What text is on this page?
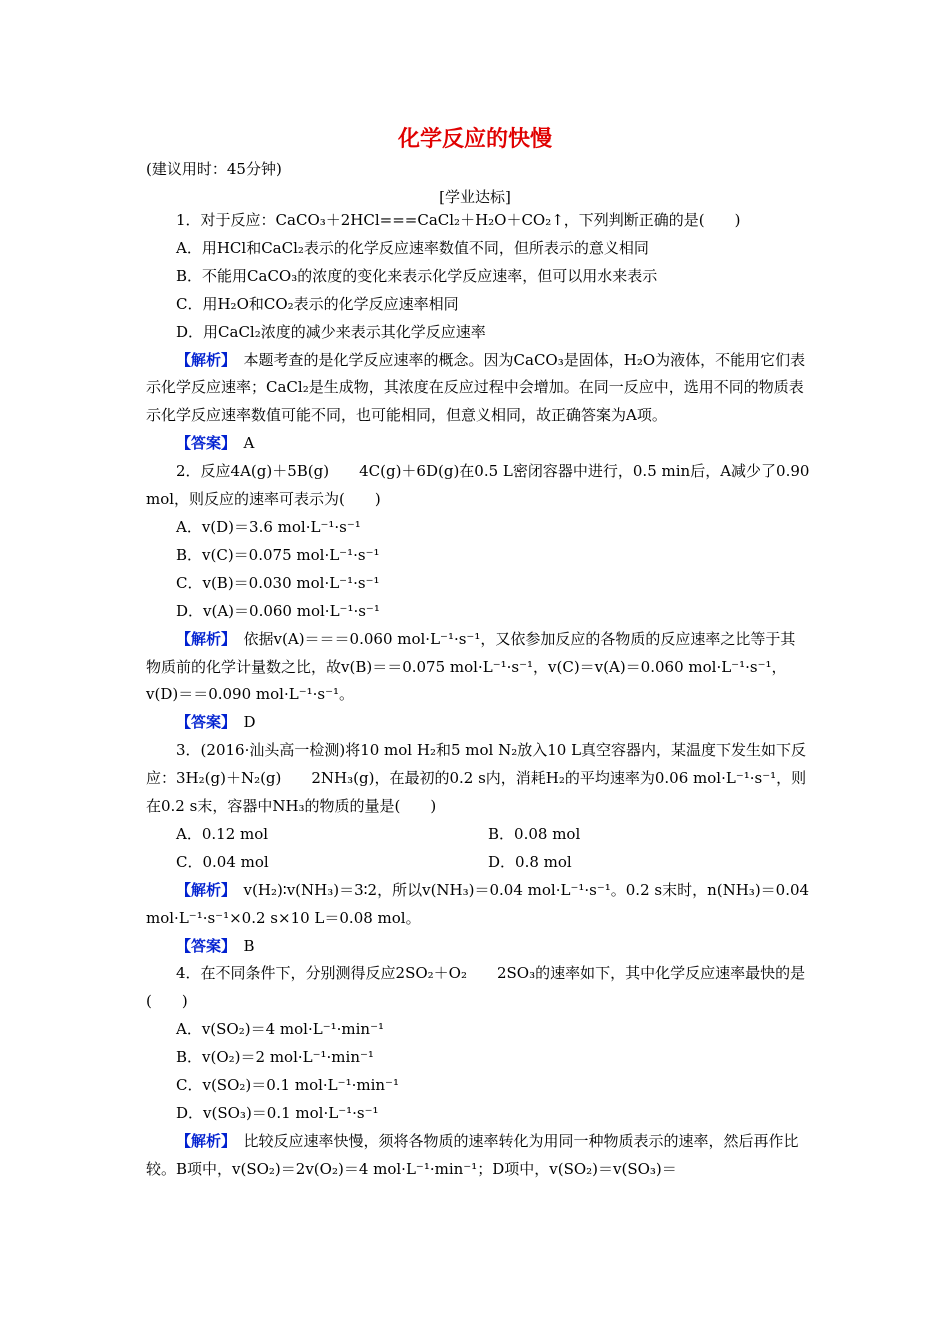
化学反应的快慢
(建议用时：45分钟)
[学业达标]

1．对于反应：CaCO₃＋2HCl===CaCl₂＋H₂O＋CO₂↑，下列判断正确的是(　　)

A．用HCl和CaCl₂表示的化学反应速率数值不同，但所表示的意义相同

B．不能用CaCO₃的浓度的变化来表示化学反应速率，但可以用水来表示

C．用H₂O和CO₂表示的化学反应速率相同

D．用CaCl₂浓度的减少来表示其化学反应速率

【解析】　 本题考查的是化学反应速率的概念。因为CaCO₃是固体，H₂O为液体，不能用它们表示化学反应速率；CaCl₂是生成物，其浓度在反应过程中会增加。在同一反应中，选用不同的物质表示化学反应速率数值可能不同，也可能相同，但意义相同，故正确答案为A项。

【答案】　 A

2．反应4A(g)＋5B(g)　　4C(g)＋6D(g)在0.5 L密闭容器中进行，0.5 min后，A减少了0.90 mol，则反应的速率可表示为(　　)

A．v(D)＝3.6 mol·L⁻¹·s⁻¹

B．v(C)＝0.075 mol·L⁻¹·s⁻¹

C．v(B)＝0.030 mol·L⁻¹·s⁻¹

D．v(A)＝0.060 mol·L⁻¹·s⁻¹

【解析】　 依据v(A)＝＝＝0.060 mol·L⁻¹·s⁻¹，又依参加反应的各物质的反应速率之比等于其物质前的化学计量数之比，故v(B)＝＝0.075 mol·L⁻¹·s⁻¹，v(C)＝v(A)＝0.060 mol·L⁻¹·s⁻¹，v(D)＝＝0.090 mol·L⁻¹·s⁻¹。

【答案】　 D

3．(2016·汕头高一检测)将10 mol H₂和5 mol N₂放入10 L真空容器内，某温度下发生如下反应：3H₂(g)＋N₂(g)　　2NH₃(g)，在最初的0.2 s内，消耗H₂的平均速率为0.06 mol·L⁻¹·s⁻¹，则在0.2 s末，容器中NH₃的物质的量是(　　)

A．0.12 mol	B．0.08 mol
C．0.04 mol	D．0.8 mol

【解析】　 v(H₂)∶v(NH₃)＝3∶2，所以v(NH₃)＝0.04 mol·L⁻¹·s⁻¹。0.2 s末时，n(NH₃)＝0.04 mol·L⁻¹·s⁻¹×0.2 s×10 L＝0.08 mol。

【答案】　 B

4．在不同条件下，分别测得反应2SO₂＋O₂　　2SO₃的速率如下，其中化学反应速率最快的是(　　)

A．v(SO₂)＝4 mol·L⁻¹·min⁻¹

B．v(O₂)＝2 mol·L⁻¹·min⁻¹

C．v(SO₂)＝0.1 mol·L⁻¹·min⁻¹

D．v(SO₃)＝0.1 mol·L⁻¹·s⁻¹

【解析】　 比较反应速率快慢，须将各物质的速率转化为用同一种物质表示的速率，然后再作比较。B项中，v(SO₂)＝2v(O₂)＝4 mol·L⁻¹·min⁻¹；D项中，v(SO₂)＝v(SO₃)＝
